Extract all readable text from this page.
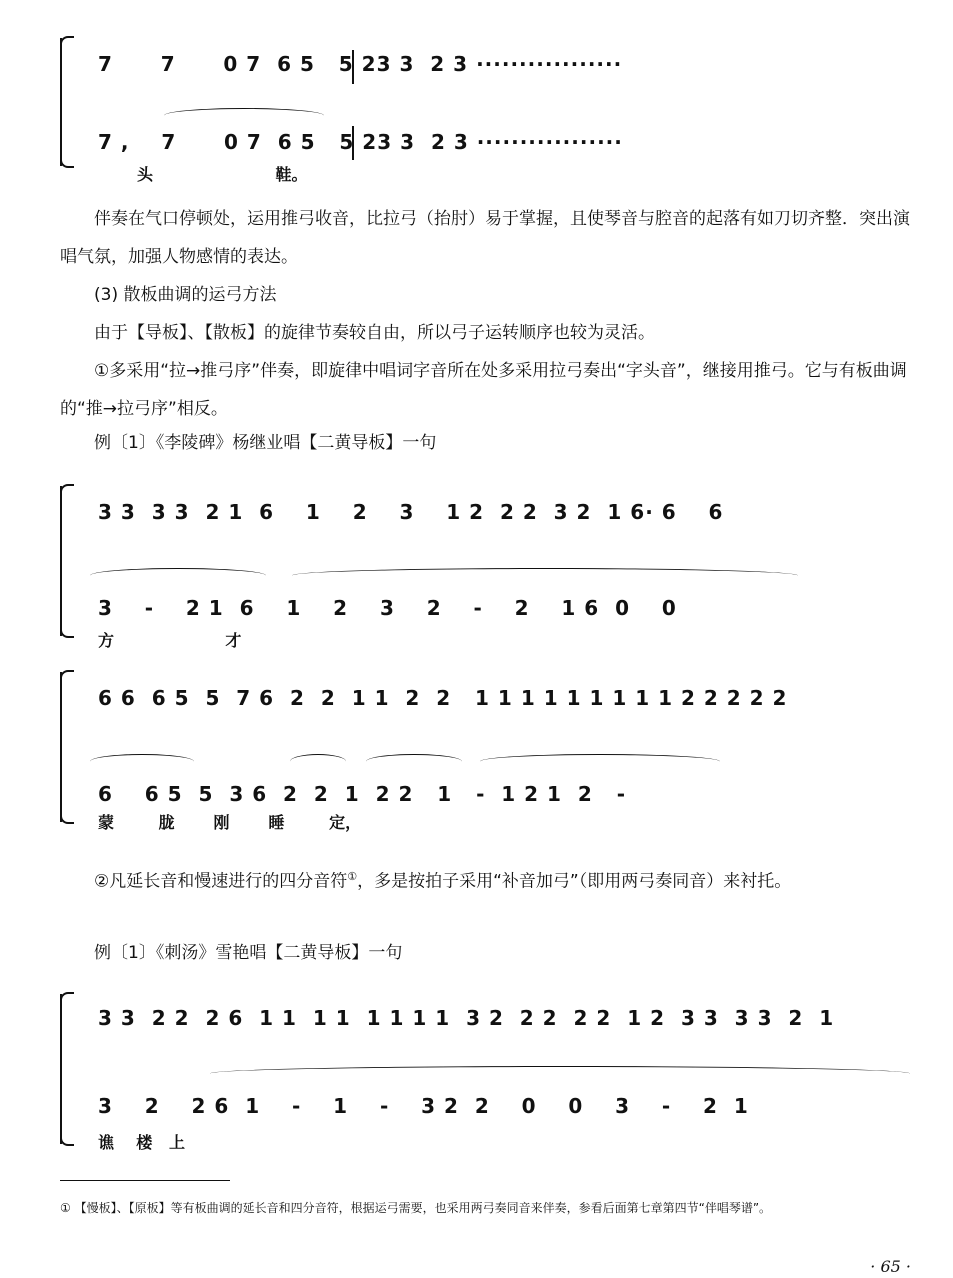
7      7      0 7  6 5   5 23 3  2 3 ·················
7 ,    7      0 7  6 5   5 23 3  2 3 ·················
头                      鞋。
伴奏在气口停顿处，运用推弓收音，比拉弓（抬肘）易于掌握，且使琴音与腔音的起落有如刀切齐整．突出演唱气氛，加强人物感情的表达。
(3) 散板曲调的运弓方法
由于【导板】、【散板】的旋律节奏较自由，所以弓子运转顺序也较为灵活。
①多采用“拉→推弓序”伴奏，即旋律中唱词字音所在处多采用拉弓奏出“字头音”，继接用推弓。它与有板曲调的“推→拉弓序”相反。
例〔1〕《李陵碑》杨继业唱【二黄导板】一句
3 3  3 3  2 1  6    1    2    3    1 2  2 2  3 2  1 6· 6    6
3    -    2 1  6    1    2    3    2    -    2    1 6  0    0
方                    才
6 6  6 5  5  7 6  2  2  1 1  2  2   1 1 1 1 1 1 1 1 1 2 2 2 2 2
6    6 5  5  3 6  2  2  1  2 2   1   -  1 2 1  2   -
蒙        胧       刚       睡        定，
②凡延长音和慢速进行的四分音符①，多是按拍子采用“补音加弓”（即用两弓奏同音）来衬托。
例〔1〕《刺汤》雪艳唱【二黄导板】一句
3 3  2 2  2 6  1 1  1 1  1 1 1 1  3 2  2 2  2 2  1 2  3 3  3 3  2  1
3    2    2 6  1    -    1    -    3 2  2    0    0    3    -    2  1
谯    楼   上
① 【慢板】、【原板】等有板曲调的延长音和四分音符，根据运弓需要，也采用两弓奏同音来伴奏，参看后面第七章第四节“伴唱琴谱”。
· 65 ·
